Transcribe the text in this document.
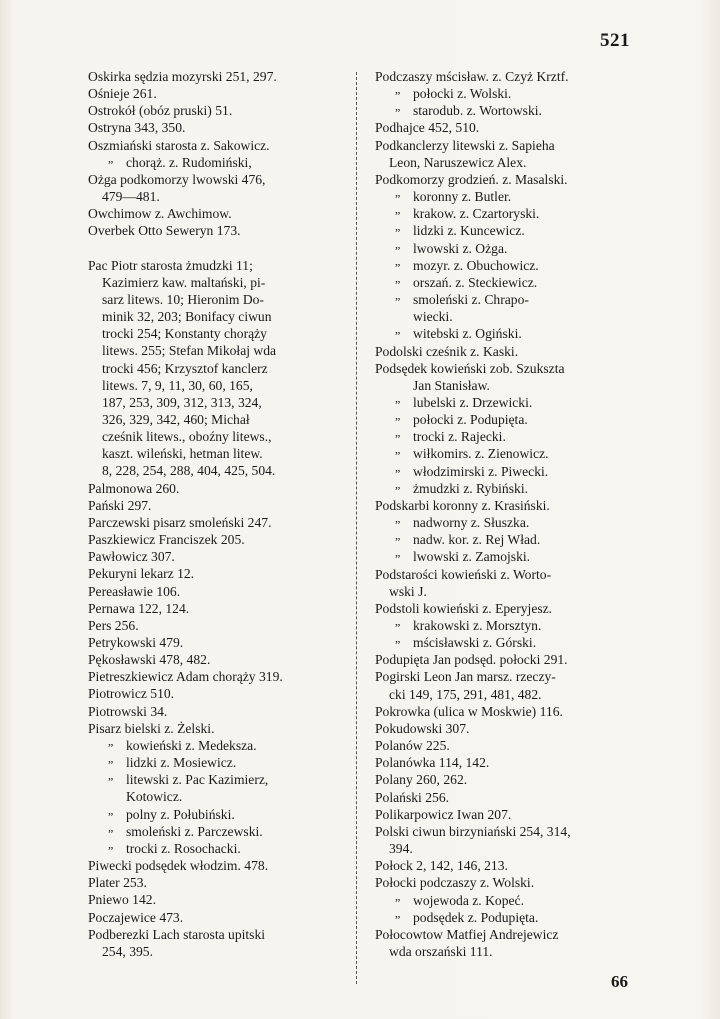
521
Oskirka sędzia mozyrski 251, 297.
Ośnieje 261.
Ostrokół (obóz pruski) 51.
Ostryna 343, 350.
Oszmiański starosta z. Sakowicz.
„ chorąż. z. Rudomiński,
Ożga podkomorzy lwowski 476,
479—481.
Owchimow z. Awchimow.
Overbek Otto Seweryn 173.
Pac Piotr starosta żmudzki 11;
Kazimierz kaw. maltański, pi-
sarz litews. 10; Hieronim Do-
minik 32, 203; Bonifacy ciwun
trocki 254; Konstanty chorąży
litews. 255; Stefan Mikołaj wda
trocki 456; Krzysztof kanclerz
litews. 7, 9, 11, 30, 60, 165,
187, 253, 309, 312, 313, 324,
326, 329, 342, 460; Michał
cześnik litews., oboźny litews.,
kaszt. wileński, hetman litew.
8, 228, 254, 288, 404, 425, 504.
Palmonowa 260.
Pański 297.
Parczewski pisarz smoleński 247.
Paszkiewicz Franciszek 205.
Pawłowicz 307.
Pekuryni lekarz 12.
Pereasławie 106.
Pernawa 122, 124.
Pers 256.
Petrykowski 479.
Pękosławski 478, 482.
Pietreszkiewicz Adam chorąży 319.
Piotrowicz 510.
Piotrowski 34.
Pisarz bielski z. Żelski.
„ kowieński z. Medeksza.
„ lidzki z. Mosiewicz.
„ litewski z. Pac Kazimierz,
Kotowicz.
„ polny z. Połubiński.
„ smoleński z. Parczewski.
„ trocki z. Rosochacki.
Piwecki podsędek włodzim. 478.
Plater 253.
Pniewo 142.
Poczajewice 473.
Podberezki Lach starosta upitski
254, 395.
Podczaszy mścisław. z. Czyż Krztf.
„ połocki z. Wolski.
„ starodub. z. Wortowski.
Podhajce 452, 510.
Podkanclerzy litewski z. Sapieha
Leon, Naruszewicz Alex.
Podkomorzy grodzień. z. Masalski.
„ koronny z. Butler.
„ krakow. z. Czartoryski.
„ lidzki z. Kuncewicz.
„ lwowski z. Ożga.
„ mozyr. z. Obuchowicz.
„ orszań. z. Steckiewicz.
„ smoleński z. Chrapo-
wiecki.
„ witebski z. Ogiński.
Podolski cześnik z. Kaski.
Podsędek kowieński zob. Szukszta
Jan Stanisław.
„ lubelski z. Drzewicki.
„ połocki z. Podupięta.
„ trocki z. Rajecki.
„ wiłkomirs. z. Zienowicz.
„ włodzimirski z. Piwecki.
„ żmudzki z. Rybiński.
Podskarbi koronny z. Krasiński.
„ nadworny z. Słuszka.
„ nadw. kor. z. Rej Wład.
„ lwowski z. Zamojski.
Podstarości kowieński z. Worto-
wski J.
Podstoli kowieński z. Eperyjesz.
„ krakowski z. Morsztyn.
„ mścisławski z. Górski.
Podupięta Jan podsęd. połocki 291.
Pogirski Leon Jan marsz. rzeczy-
cki 149, 175, 291, 481, 482.
Pokrowka (ulica w Moskwie) 116.
Pokudowski 307.
Polanów 225.
Polanówka 114, 142.
Polany 260, 262.
Polański 256.
Polikarpowicz Iwan 207.
Polski ciwun birzyniański 254, 314,
394.
Połock 2, 142, 146, 213.
Połocki podczaszy z. Wolski.
„ wojewoda z. Kopeć.
„ podsędek z. Podupięta.
Połocowtow Matfiej Andrejewicz
wda orszański 111.
66
